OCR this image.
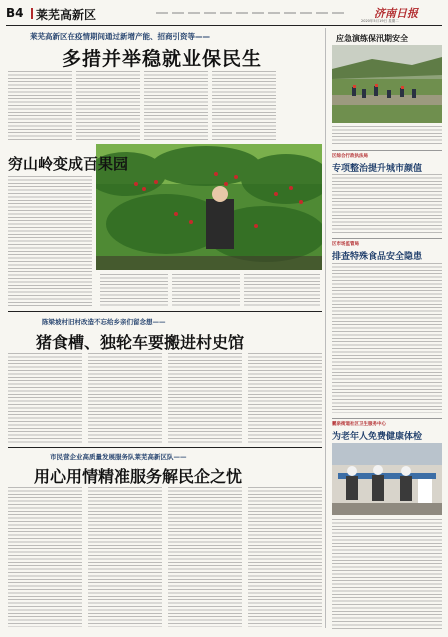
B4 莱芜高新区	济南日报
2020年5月19日 星期二
莱芜高新区在疫情期间通过新增产能、招商引资等——
多措并举稳就业保民生
应急演练保汛期安全
区综合行政执法局
专项整治提升城市颜值
区市场监管局
排查特殊食品安全隐患
鹏泉街道社区卫生服务中心
为老年人免费健康体检
穷山岭变成百果园
陈梁坡村旧村改造不忘给乡亲们留念想——
猪食槽、独轮车要搬进村史馆
市民营企业高质量发展服务队莱芜高新区队——
用心用情精准服务解民企之忧
